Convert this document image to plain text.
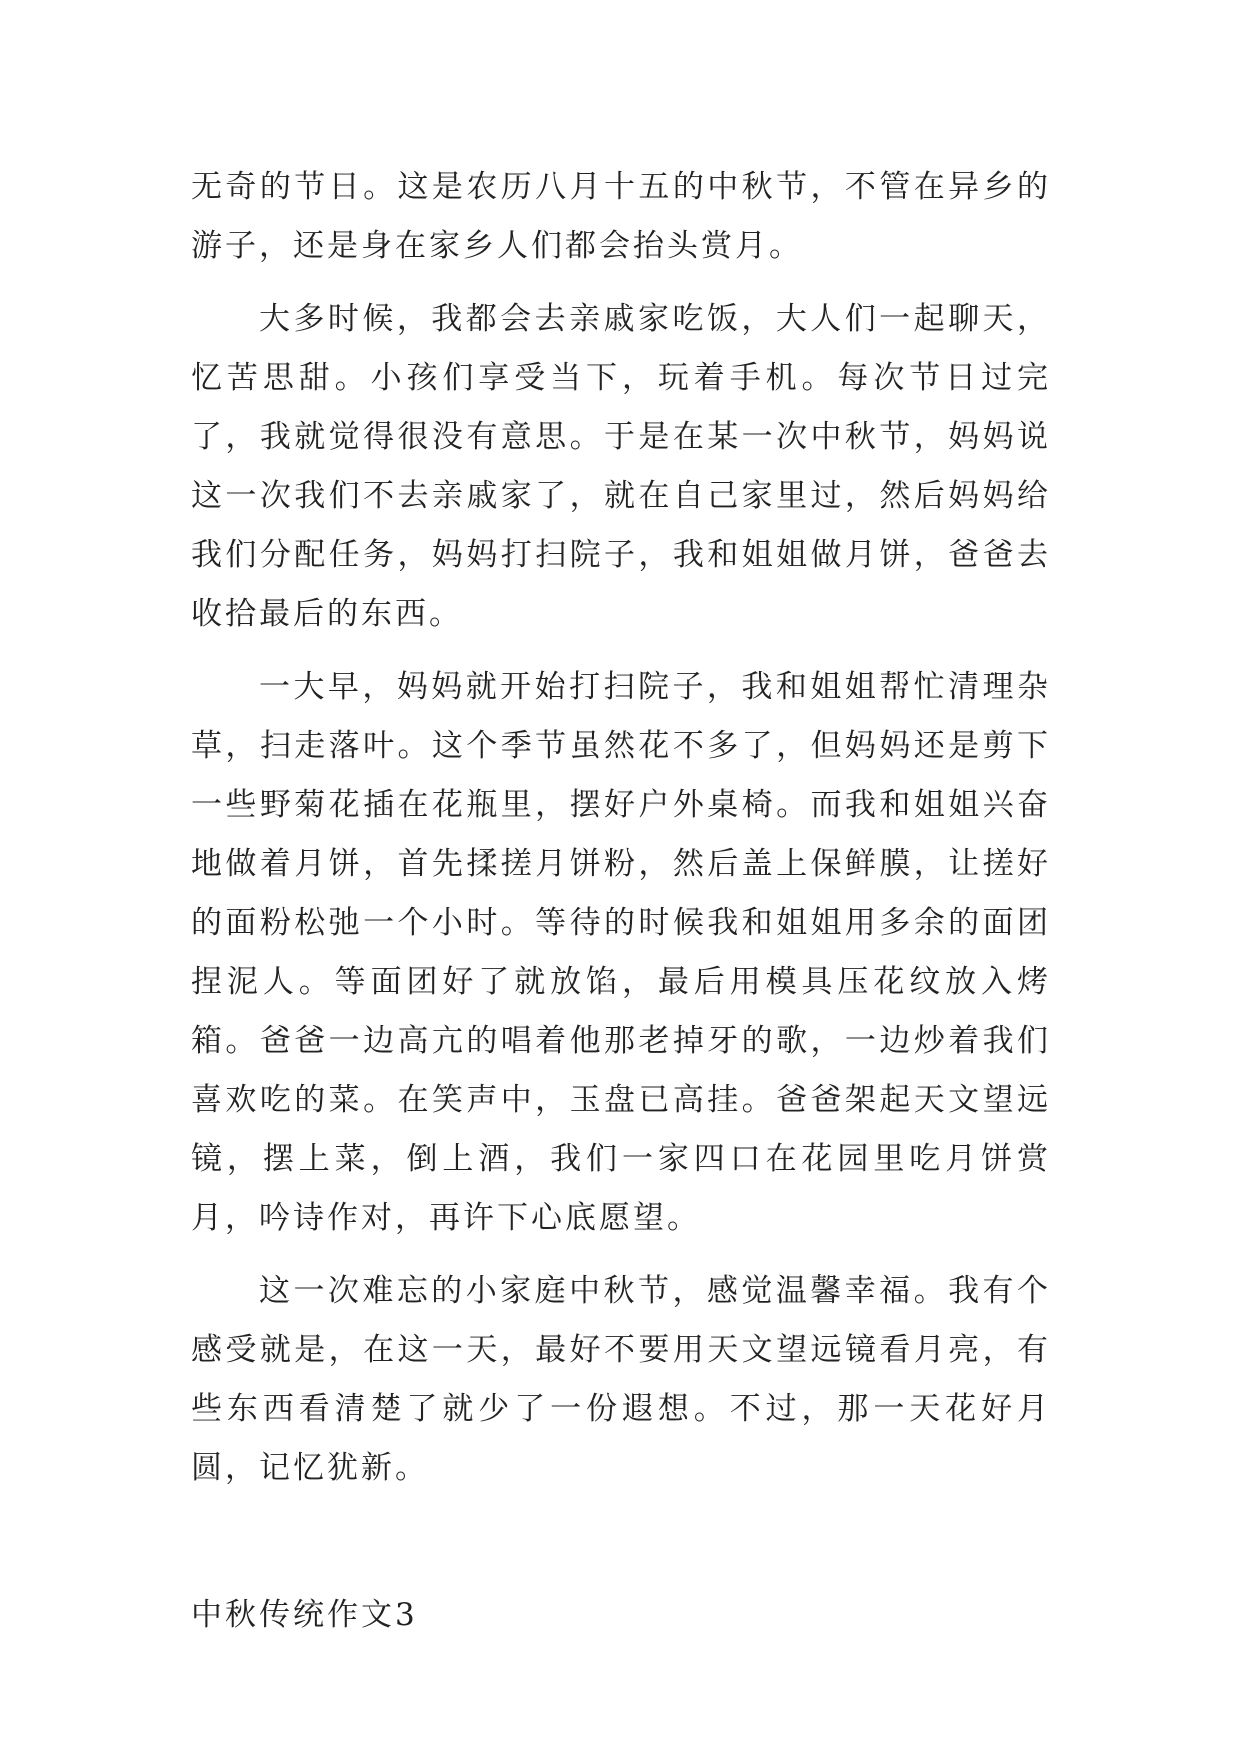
无奇的节日。这是农历八月十五的中秋节，不管在异乡的游子，还是身在家乡人们都会抬头赏月。

大多时候，我都会去亲戚家吃饭，大人们一起聊天，忆苦思甜。小孩们享受当下，玩着手机。每次节日过完了，我就觉得很没有意思。于是在某一次中秋节，妈妈说这一次我们不去亲戚家了，就在自己家里过，然后妈妈给我们分配任务，妈妈打扫院子，我和姐姐做月饼，爸爸去收拾最后的东西。

一大早，妈妈就开始打扫院子，我和姐姐帮忙清理杂草，扫走落叶。这个季节虽然花不多了，但妈妈还是剪下一些野菊花插在花瓶里，摆好户外桌椅。而我和姐姐兴奋地做着月饼，首先揉搓月饼粉，然后盖上保鲜膜，让搓好的面粉松弛一个小时。等待的时候我和姐姐用多余的面团捏泥人。等面团好了就放馅，最后用模具压花纹放入烤箱。爸爸一边高亢的唱着他那老掉牙的歌，一边炒着我们喜欢吃的菜。在笑声中，玉盘已高挂。爸爸架起天文望远镜，摆上菜，倒上酒，我们一家四口在花园里吃月饼赏月，吟诗作对，再许下心底愿望。

这一次难忘的小家庭中秋节，感觉温馨幸福。我有个感受就是，在这一天，最好不要用天文望远镜看月亮，有些东西看清楚了就少了一份遐想。不过，那一天花好月圆，记忆犹新。

中秋传统作文3
